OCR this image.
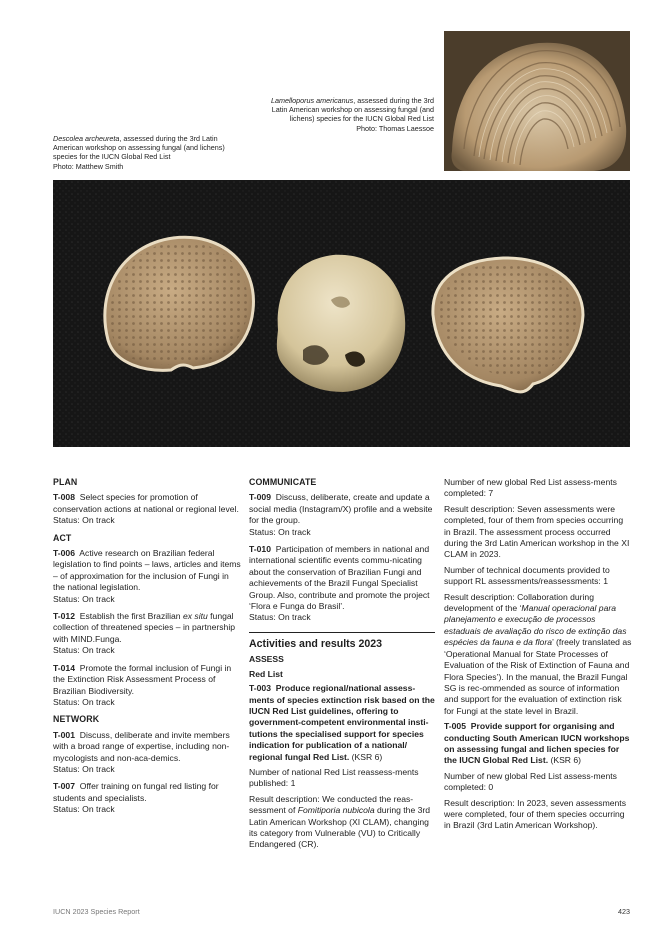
Lamelloporus americanus, assessed during the 3rd Latin American workshop on assessing fungal (and lichens) species for the IUCN Global Red List
Photo: Thomas Laessoe
Descolea archeureta, assessed during the 3rd Latin American workshop on assessing fungal (and lichens) species for the IUCN Global Red List
Photo: Matthew Smith
PLAN
T-008 Select species for promotion of conservation actions at national or regional level.
Status: On track
ACT
T-006 Active research on Brazilian federal legislation to find points – laws, articles and items – of approximation for the inclusion of Fungi in the national legislation.
Status: On track
T-012 Establish the first Brazilian ex situ fungal collection of threatened species – in partnership with MIND.Funga.
Status: On track
T-014 Promote the formal inclusion of Fungi in the Extinction Risk Assessment Process of Brazilian Biodiversity.
Status: On track
NETWORK
T-001 Discuss, deliberate and invite members with a broad range of expertise, including non-mycologists and non-aca-demics.
Status: On track
T-007 Offer training on fungal red listing for students and specialists.
Status: On track
COMMUNICATE
T-009 Discuss, deliberate, create and update a social media (Instagram/X) profile and a website for the group.
Status: On track
T-010 Participation of members in national and international scientific events commu-nicating about the conservation of Brazilian Fungi and achievements of the Brazil Fungal Specialist Group. Also, contribute and promote the project ‘Flora e Funga do Brasil’.
Status: On track
Activities and results 2023
ASSESS
Red List

T-003 Produce regional/national assess-ments of species extinction risk based on the IUCN Red List guidelines, offering to government-competent environmental insti-tutions the specialised support for species indication for publication of a national/ regional fungal Red List. (KSR 6)

Number of national Red List reassess-ments published: 1

Result description: We conducted the reas-sessment of Fomitiporia nubicola during the 3rd Latin American Workshop (XI CLAM), changing its category from Vulnerable (VU) to Critically Endangered (CR).

Number of new global Red List assess-ments completed: 7

Result description: Seven assessments were completed, four of them from species occurring in Brazil. The assessment process occurred during the 3rd Latin American workshop in the XI CLAM in 2023.

Number of technical documents provided to support RL assessments/reassessments: 1

Result description: Collaboration during development of the ‘Manual operacional para planejamento e execução de processos estaduais de avaliação do risco de extinção das espécies da fauna e da flora’ (freely translated as ‘Operational Manual for State Processes of Evaluation of the Risk of Extinction of Fauna and Flora Species’). In the manual, the Brazil Fungal SG is rec-ommended as source of information and support for the evaluation of extinction risk for Fungi at the state level in Brazil.

T-005 Provide support for organising and conducting South American IUCN workshops on assessing fungal and lichen species for the IUCN Global Red List. (KSR 6)

Number of new global Red List assess-ments completed: 0

Result description: In 2023, seven assessments were completed, four of them species occurring in Brazil (3rd Latin American Workshop).

IUCN 2023 Species Report	423
